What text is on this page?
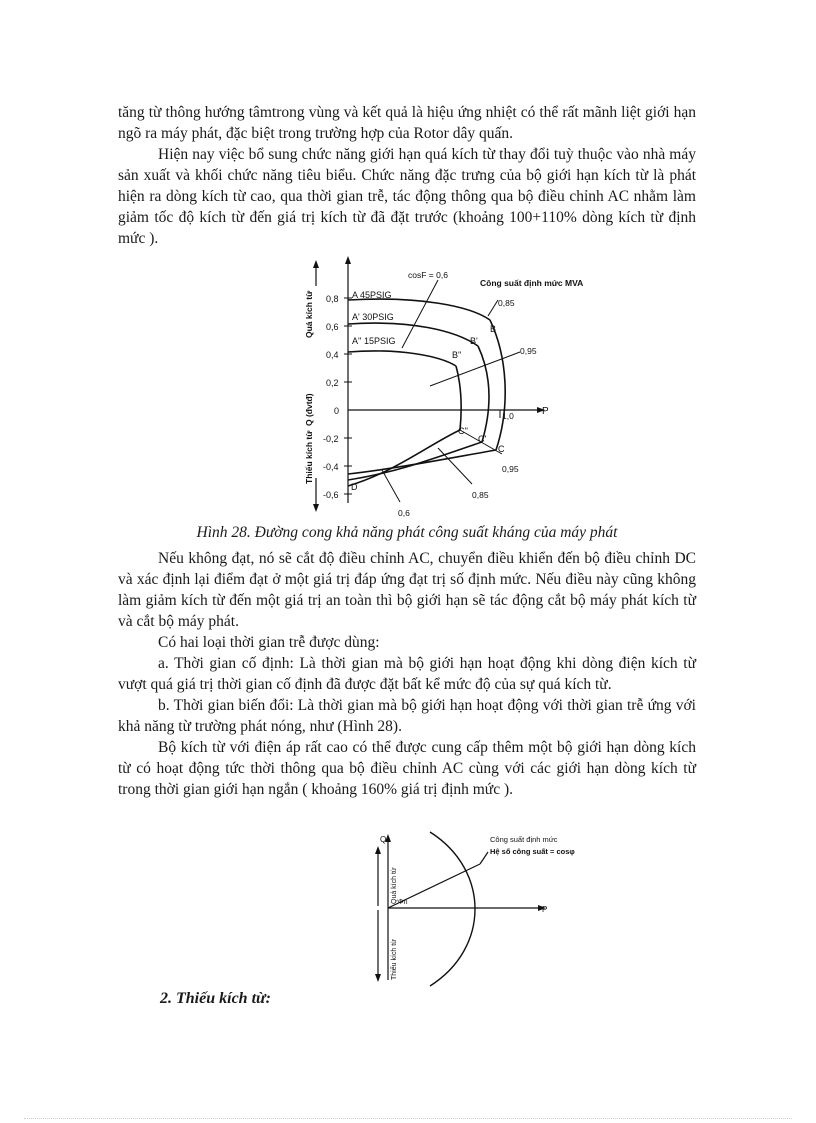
tăng từ thông hướng tâmtrong vùng và kết quả là hiệu ứng nhiệt có thể rất mãnh liệt giới hạn ngõ ra máy phát, đặc biệt trong trường hợp của Rotor dây quấn.

Hiện nay việc bổ sung chức năng giới hạn quá kích từ thay đổi tuỳ thuộc vào nhà máy sản xuất và khối chức năng tiêu biểu. Chức năng đặc trưng của bộ giới hạn kích từ là phát hiện ra dòng kích từ cao, qua thời gian trễ, tác động thông qua bộ điều chỉnh AC nhằm làm giảm tốc độ kích từ đến giá trị kích từ đã đặt trước (khoảng 100+110% dòng kích từ định mức ).

0,8
0,6
0,4
0,2
0
-0,2
-0,4
-0,6
Quá kích từ
Q (đvtđ)
Thiếu kích từ
P
1,0
cosF = 0,6
Công suất định mức MVA
0,85
0,95
0,95
0,85
0,6
A 45PSIG
A' 30PSIG
A'' 15PSIG
B
B'
B''
C
C'
C''
D
Hình 28. Đường cong khả năng phát công suất kháng của máy phát

Nếu không đạt, nó sẽ cắt độ điều chỉnh AC, chuyển điều khiển đến bộ điều chỉnh DC và xác định lại điểm đạt ở một giá trị đáp ứng đạt trị số định mức. Nếu điều này cũng không làm giảm kích từ đến một giá trị an toàn thì bộ giới hạn sẽ tác động cắt bộ máy phát kích từ và cắt bộ máy phát.

Có hai loại thời gian trễ được dùng:

a. Thời gian cố định: Là thời gian mà bộ giới hạn hoạt động khi dòng điện kích từ vượt quá giá trị thời gian cố định đã được đặt bất kể mức độ của sự quá kích từ.

b. Thời gian biến đổi: Là thời gian mà bộ giới hạn hoạt động với thời gian trễ ứng với khả năng từ trường phát nóng, như (Hình 28).

Bộ kích từ với điện áp rất cao có thể được cung cấp thêm một bộ giới hạn dòng kích từ có hoạt động tức thời thông qua bộ điều chỉnh AC cùng với các giới hạn dòng kích từ trong thời gian giới hạn ngắn ( khoảng 160% giá trị định mức ).

Q
P
Công suất định mức
Hệ số công suất = cosφ
Φn
Quá kích từ
Thiếu kích từ
2. Thiếu kích từ:
